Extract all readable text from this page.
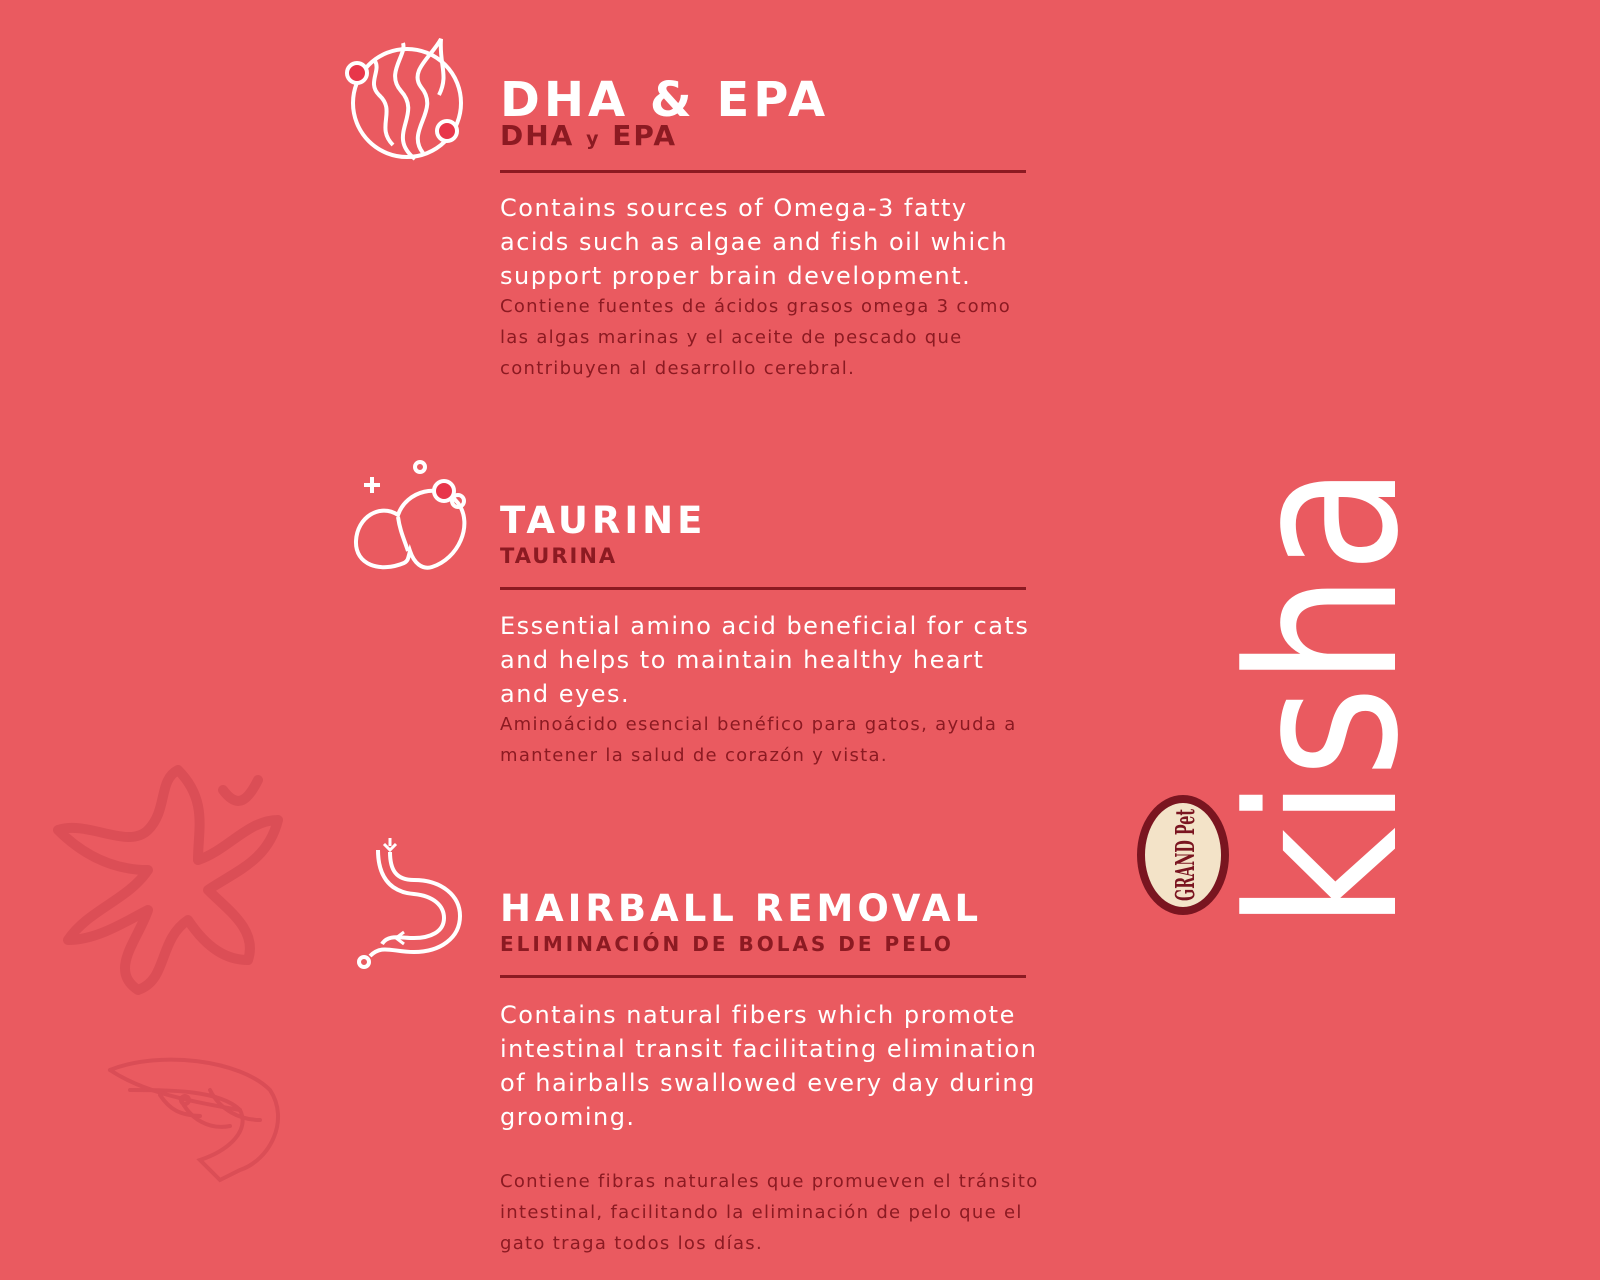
DHA & EPA
DHA y EPA
Contains sources of Omega-3 fatty acids such as algae and fish oil which support proper brain development.
Contiene fuentes de ácidos grasos omega 3 como las algas marinas y el aceite de pescado que contribuyen al desarrollo cerebral.
TAURINE
TAURINA
Essential amino acid beneficial for cats and helps to maintain healthy heart and eyes.
Aminoácido esencial benéfico para gatos, ayuda a mantener la salud de corazón y vista.
HAIRBALL REMOVAL
ELIMINACIÓN DE BOLAS DE PELO
Contains natural fibers which promote intestinal transit facilitating elimination of hairballs swallowed every day during grooming.
Contiene fibras naturales que promueven el tránsito intestinal, facilitando la eliminación de pelo que el gato traga todos los días.
kisha
GRAND Pet
